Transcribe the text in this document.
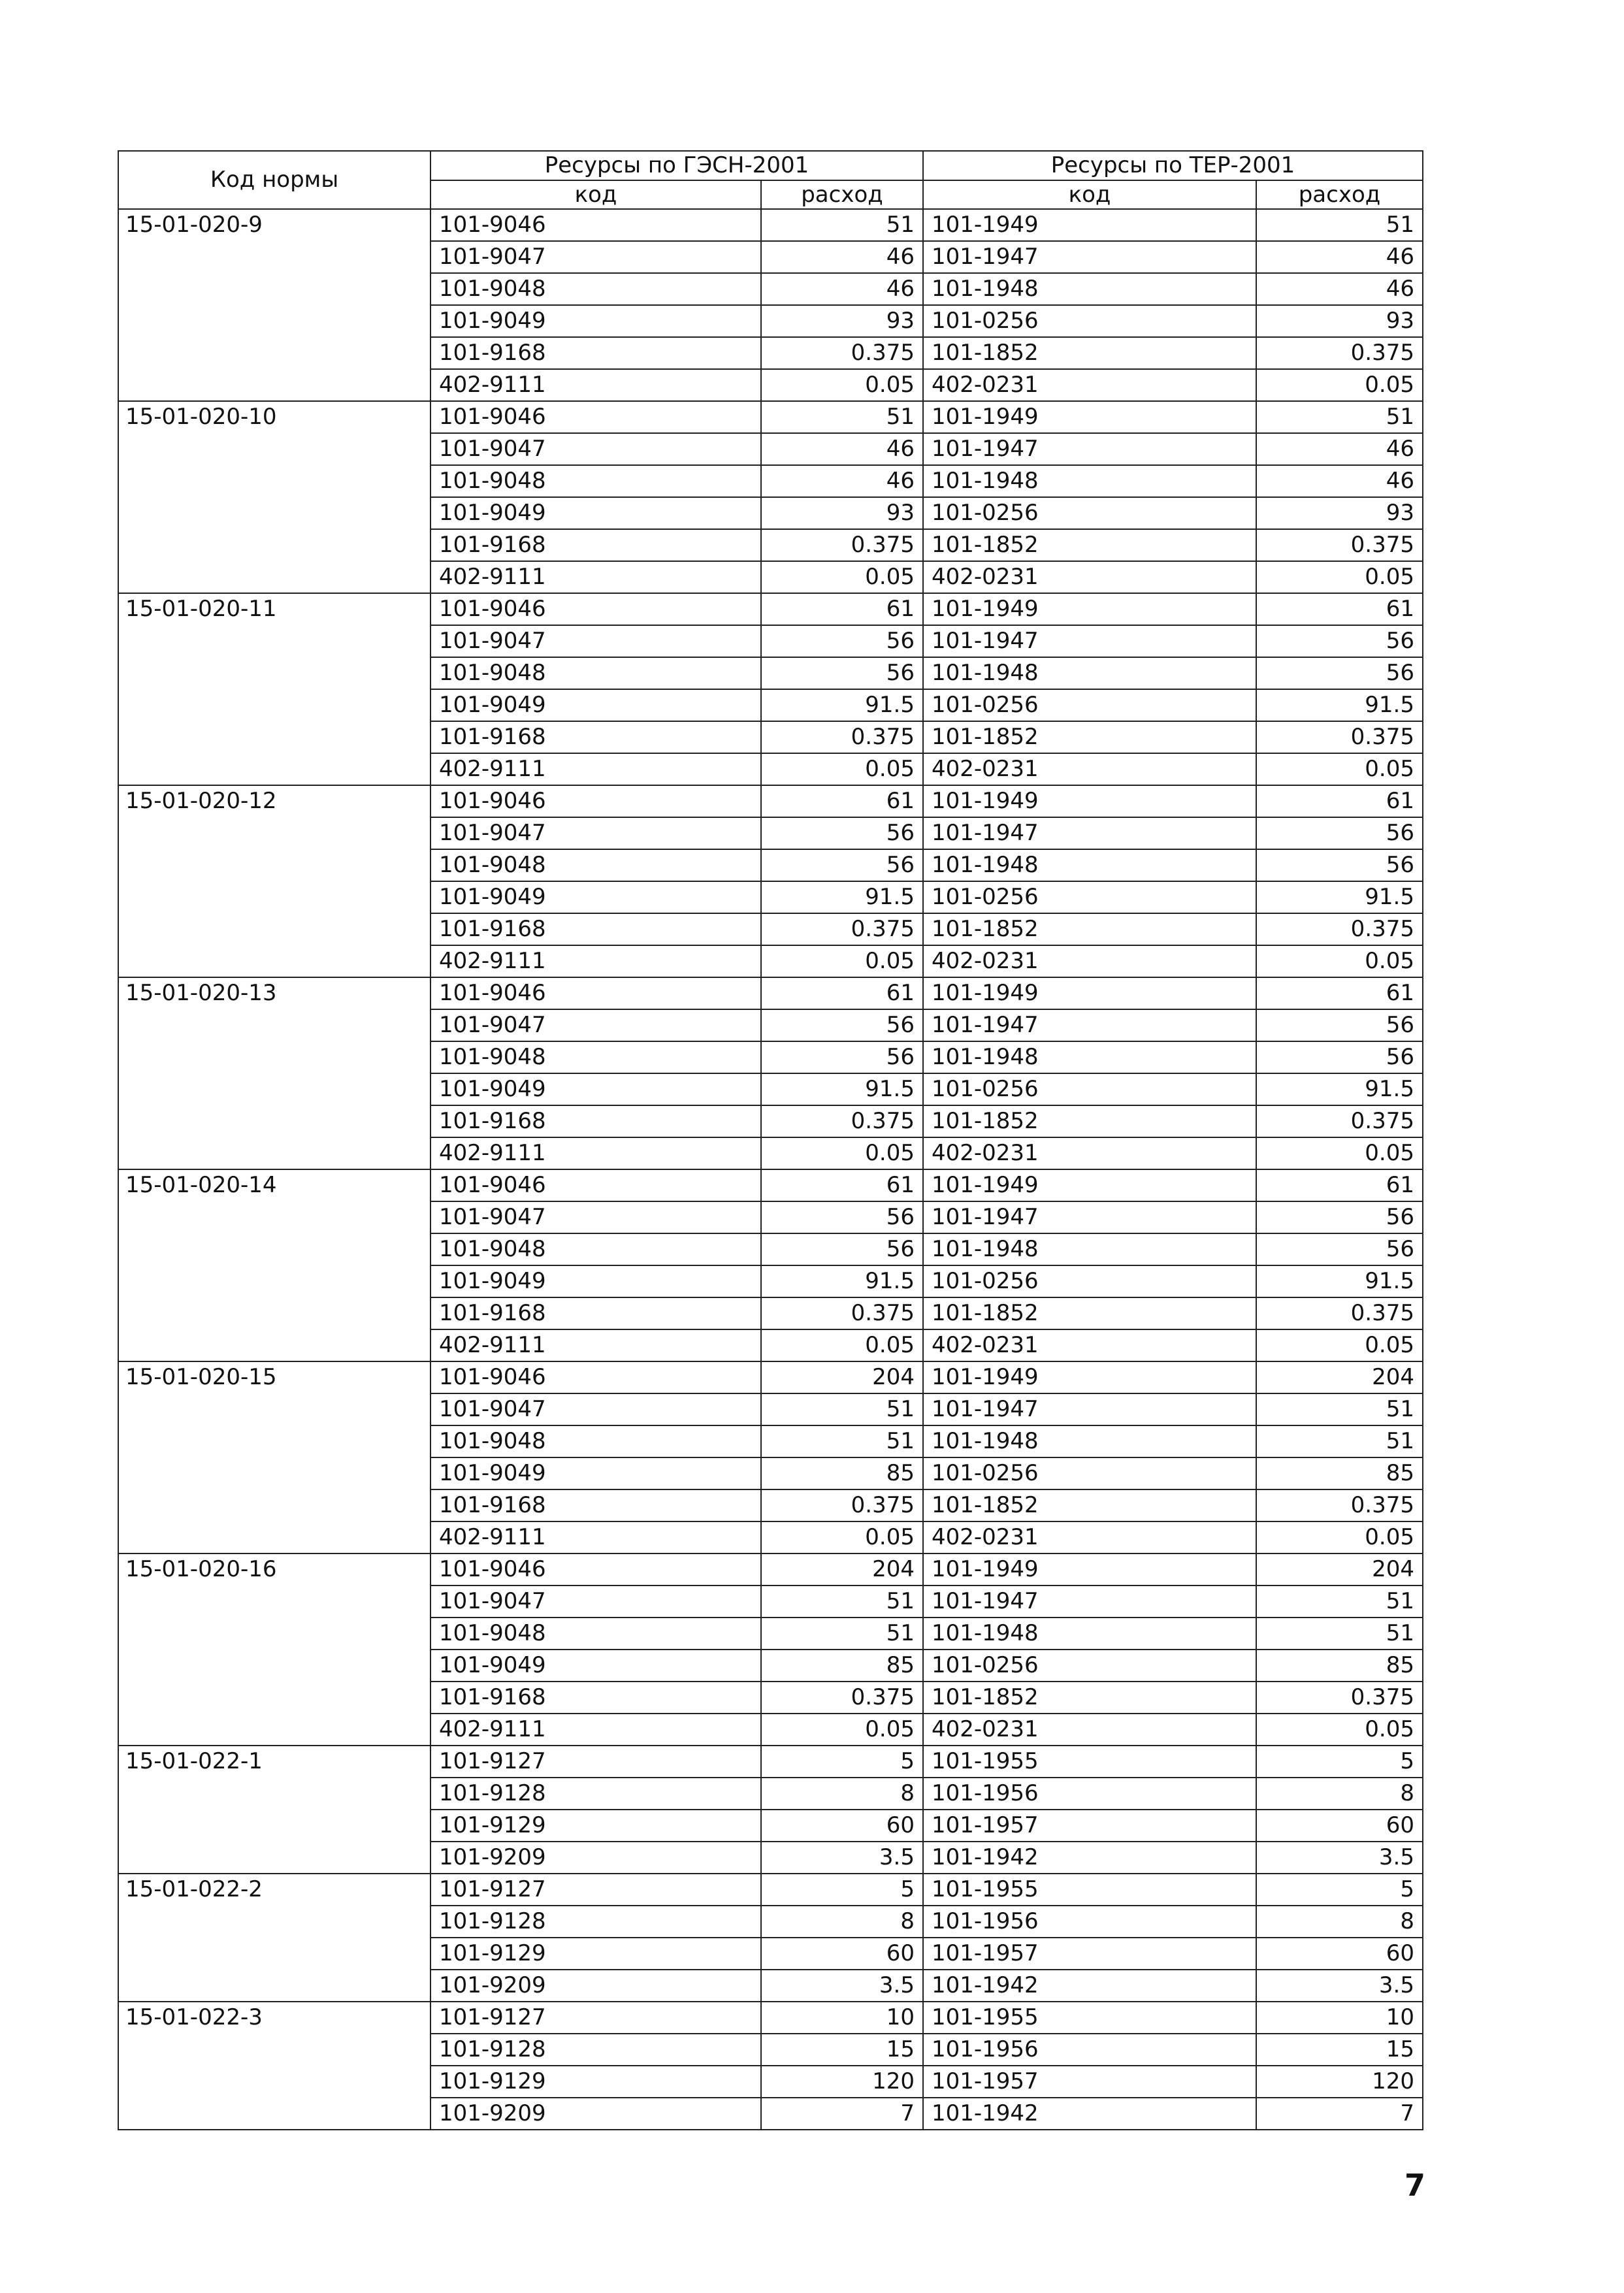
Код нормы	Ресурсы по ГЭСН-2001		Ресурсы по ТЕР-2001	
	код	расход	код	расход
15-01-020-9	101-9046	51	101-1949	51
	101-9047	46	101-1947	46
	101-9048	46	101-1948	46
	101-9049	93	101-0256	93
	101-9168	0.375	101-1852	0.375
	402-9111	0.05	402-0231	0.05
15-01-020-10	101-9046	51	101-1949	51
	101-9047	46	101-1947	46
	101-9048	46	101-1948	46
	101-9049	93	101-0256	93
	101-9168	0.375	101-1852	0.375
	402-9111	0.05	402-0231	0.05
15-01-020-11	101-9046	61	101-1949	61
	101-9047	56	101-1947	56
	101-9048	56	101-1948	56
	101-9049	91.5	101-0256	91.5
	101-9168	0.375	101-1852	0.375
	402-9111	0.05	402-0231	0.05
15-01-020-12	101-9046	61	101-1949	61
	101-9047	56	101-1947	56
	101-9048	56	101-1948	56
	101-9049	91.5	101-0256	91.5
	101-9168	0.375	101-1852	0.375
	402-9111	0.05	402-0231	0.05
15-01-020-13	101-9046	61	101-1949	61
	101-9047	56	101-1947	56
	101-9048	56	101-1948	56
	101-9049	91.5	101-0256	91.5
	101-9168	0.375	101-1852	0.375
	402-9111	0.05	402-0231	0.05
15-01-020-14	101-9046	61	101-1949	61
	101-9047	56	101-1947	56
	101-9048	56	101-1948	56
	101-9049	91.5	101-0256	91.5
	101-9168	0.375	101-1852	0.375
	402-9111	0.05	402-0231	0.05
15-01-020-15	101-9046	204	101-1949	204
	101-9047	51	101-1947	51
	101-9048	51	101-1948	51
	101-9049	85	101-0256	85
	101-9168	0.375	101-1852	0.375
	402-9111	0.05	402-0231	0.05
15-01-020-16	101-9046	204	101-1949	204
	101-9047	51	101-1947	51
	101-9048	51	101-1948	51
	101-9049	85	101-0256	85
	101-9168	0.375	101-1852	0.375
	402-9111	0.05	402-0231	0.05
15-01-022-1	101-9127	5	101-1955	5
	101-9128	8	101-1956	8
	101-9129	60	101-1957	60
	101-9209	3.5	101-1942	3.5
15-01-022-2	101-9127	5	101-1955	5
	101-9128	8	101-1956	8
	101-9129	60	101-1957	60
	101-9209	3.5	101-1942	3.5
15-01-022-3	101-9127	10	101-1955	10
	101-9128	15	101-1956	15
	101-9129	120	101-1957	120
	101-9209	7	101-1942	7
7
